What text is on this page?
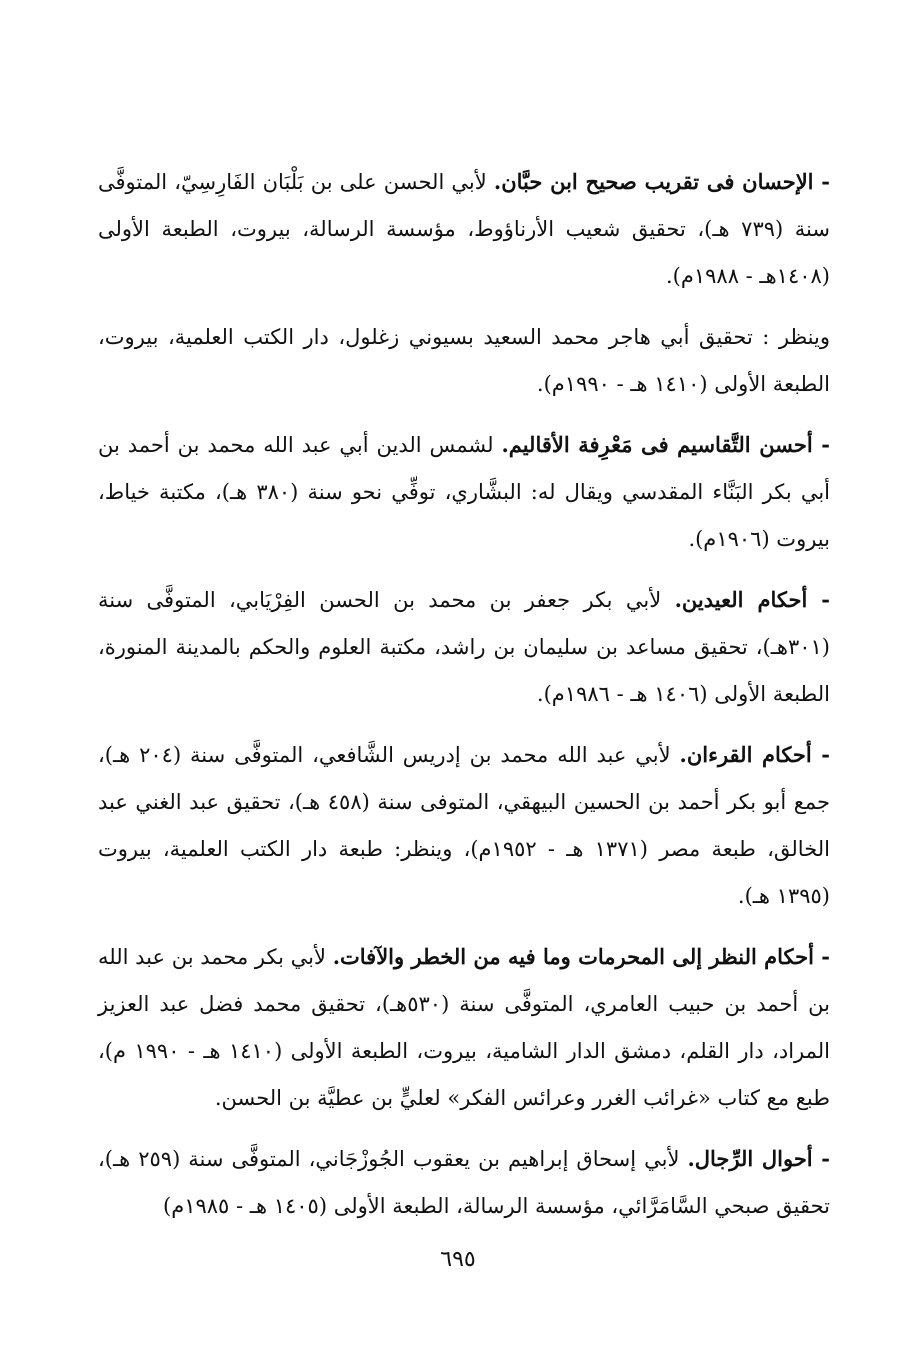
- الإحسان فى تقريب صحيح ابن حبَّان. لأبي الحسن على بن بَلْبَان الفَارِسِيّ، المتوفَّى سنة (٧٣٩ هـ)، تحقيق شعيب الأرناؤوط، مؤسسة الرسالة، بيروت، الطبعة الأولى (١٤٠٨هـ - ١٩٨٨م).

وينظر : تحقيق أبي هاجر محمد السعيد بسيوني زغلول، دار الكتب العلمية، بيروت، الطبعة الأولى (١٤١٠ هـ - ١٩٩٠م).

- أحسن التَّقاسيم فى مَعْرِفة الأقاليم. لشمس الدين أبي عبد الله محمد بن أحمد بن أبي بكر البَنَّاء المقدسي ويقال له: البشَّاري، توفِّي نحو سنة (٣٨٠ هـ)، مكتبة خياط، بيروت (١٩٠٦م).

- أحكام العيدين. لأبي بكر جعفر بن محمد بن الحسن الفِرْيَابي، المتوفَّى سنة (٣٠١هـ)، تحقيق مساعد بن سليمان بن راشد، مكتبة العلوم والحكم بالمدينة المنورة، الطبعة الأولى (١٤٠٦ هـ - ١٩٨٦م).

- أحكام القرءان. لأبي عبد الله محمد بن إدريس الشَّافعي، المتوفَّى سنة (٢٠٤ هـ)، جمع أبو بكر أحمد بن الحسين البيهقي، المتوفى سنة (٤٥٨ هـ)، تحقيق عبد الغني عبد الخالق، طبعة مصر (١٣٧١ هـ - ١٩٥٢م)، وينظر: طبعة دار الكتب العلمية، بيروت (١٣٩٥ هـ).

- أحكام النظر إلى المحرمات وما فيه من الخطر والآفات. لأبي بكر محمد بن عبد الله بن أحمد بن حبيب العامري، المتوفَّى سنة (٥٣٠هـ)، تحقيق محمد فضل عبد العزيز المراد، دار القلم، دمشق الدار الشامية، بيروت، الطبعة الأولى (١٤١٠ هـ - ١٩٩٠ م)، طبع مع كتاب «غرائب الغرر وعرائس الفكر» لعليٍّ بن عطيَّة بن الحسن.

- أحوال الرِّجال. لأبي إسحاق إبراهيم بن يعقوب الجُوزْجَاني، المتوفَّى سنة (٢٥٩ هـ)، تحقيق صبحي السَّامَرَّائي، مؤسسة الرسالة، الطبعة الأولى (١٤٠٥ هـ - ١٩٨٥م)

٦٩٥
